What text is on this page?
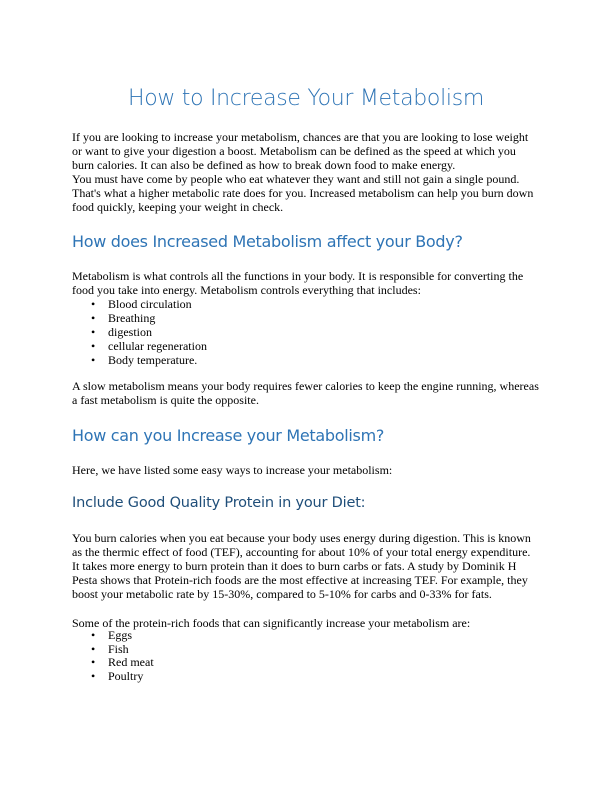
How to Increase Your Metabolism
If you are looking to increase your metabolism, chances are that you are looking to lose weight
or want to give your digestion a boost. Metabolism can be defined as the speed at which you
burn calories. It can also be defined as how to break down food to make energy.
You must have come by people who eat whatever they want and still not gain a single pound.
That's what a higher metabolic rate does for you. Increased metabolism can help you burn down
food quickly, keeping your weight in check.
How does Increased Metabolism affect your Body?
Metabolism is what controls all the functions in your body. It is responsible for converting the
food you take into energy. Metabolism controls everything that includes:
• Blood circulation
• Breathing
• digestion
• cellular regeneration
• Body temperature.
A slow metabolism means your body requires fewer calories to keep the engine running, whereas
a fast metabolism is quite the opposite.
How can you Increase your Metabolism?
Here, we have listed some easy ways to increase your metabolism:
Include Good Quality Protein in your Diet:
You burn calories when you eat because your body uses energy during digestion. This is known
as the thermic effect of food (TEF), accounting for about 10% of your total energy expenditure.
It takes more energy to burn protein than it does to burn carbs or fats. A study by Dominik H
Pesta shows that Protein-rich foods are the most effective at increasing TEF. For example, they
boost your metabolic rate by 15-30%, compared to 5-10% for carbs and 0-33% for fats.
Some of the protein-rich foods that can significantly increase your metabolism are:
• Eggs
• Fish
• Red meat
• Poultry
